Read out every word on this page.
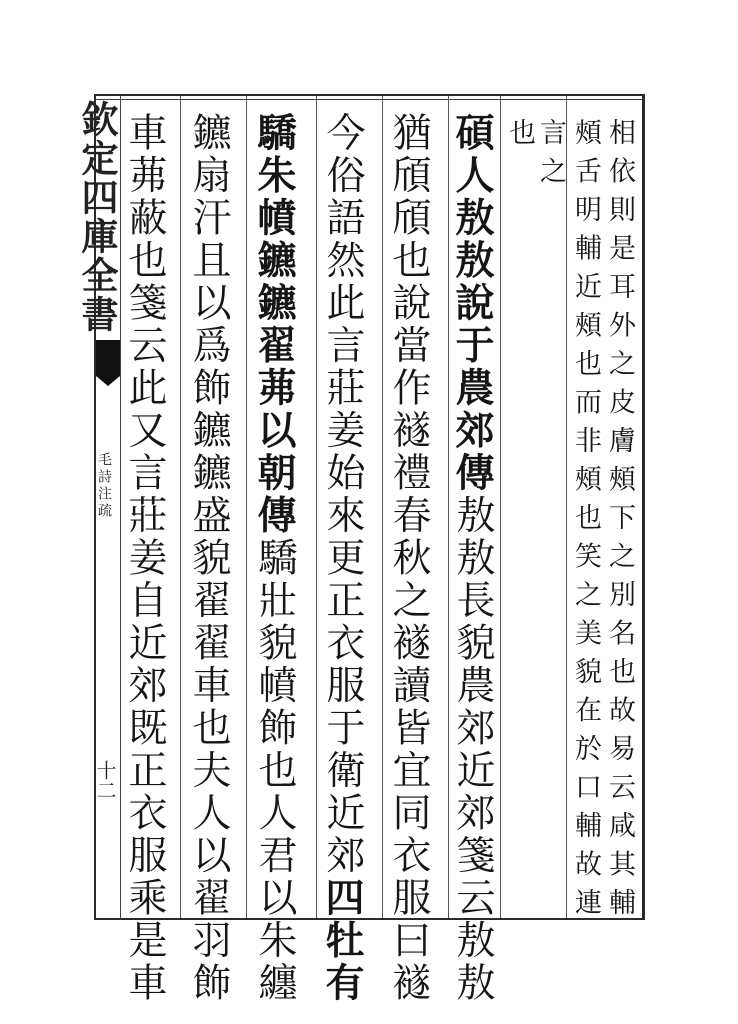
欽定四庫全書
毛詩注疏
十二	相依則是耳外之皮膚頰下之別名也故易云咸其輔
頰舌明輔近頰也而非頰也笑之美貌在於口輔故連
言之
也
碩人敖敖說于農郊傳敖敖長貌農郊近郊箋云敖敖
猶頎頎也說當作襚禮春秋之襚讀皆宜同衣服曰襚
今俗語然此言莊姜始來更正衣服于衛近郊四牡有
驕朱幩鑣鑣翟茀以朝傳驕壯貌幩飾也人君以朱纏
鑣扇汗且以爲飾鑣鑣盛貌翟翟車也夫人以翟羽飾
車茀蔽也箋云此又言莊姜自近郊既正衣服乘是車
